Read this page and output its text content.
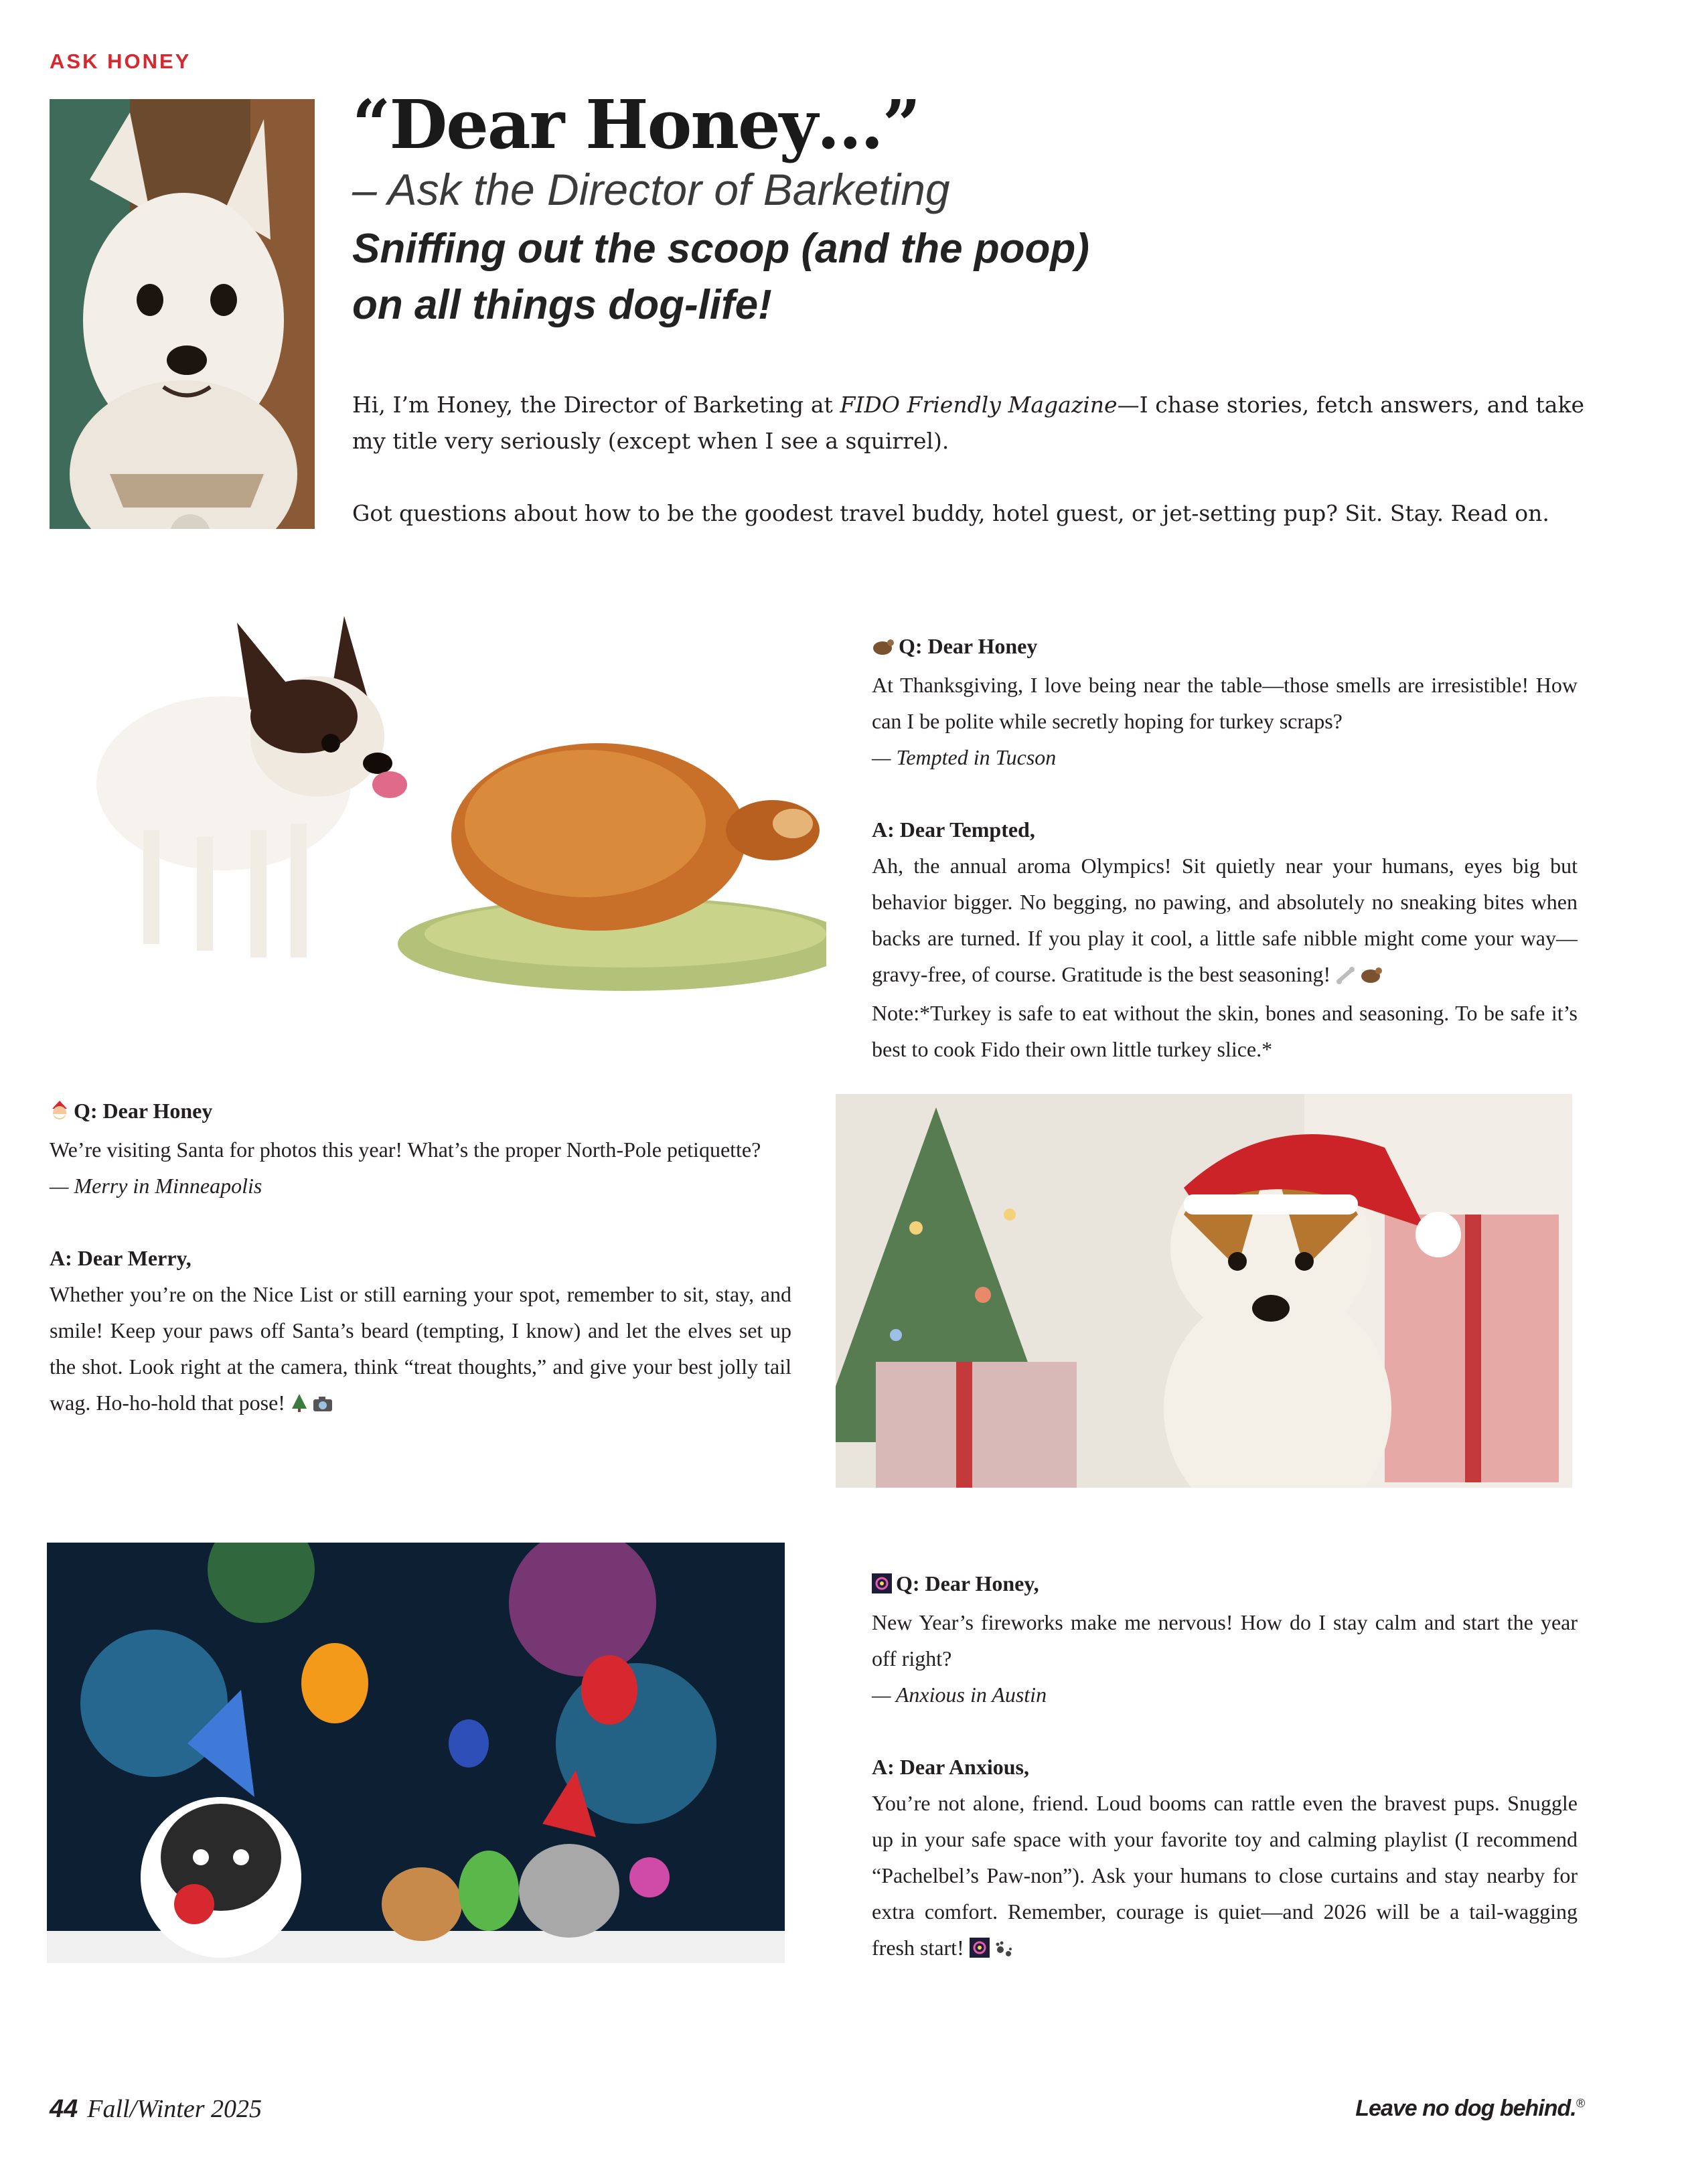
ASK HONEY
“Dear Honey…”
– Ask the Director of Barketing
Sniffing out the scoop (and the poop)
on all things dog-life!
Hi, I’m Honey, the Director of Barketing at FIDO Friendly Magazine—I chase stories, fetch answers, and take my title very seriously (except when I see a squirrel).
Got questions about how to be the goodest travel buddy, hotel guest, or jet-setting pup? Sit. Stay. Read on.

Q: Dear Honey

At Thanksgiving, I love being near the table—those smells are irresistible! How can I be polite while secretly hoping for turkey scraps?

— Tempted in Tucson

A: Dear Tempted,

Ah, the annual aroma Olympics! Sit quietly near your humans, eyes big but behavior bigger. No begging, no pawing, and absolutely no sneaking bites when backs are turned. If you play it cool, a little safe nibble might come your way—gravy-free, of course. Gratitude is the best seasoning!

Note:*Turkey is safe to eat without the skin, bones and seasoning. To be safe it’s best to cook Fido their own little turkey slice.*

Q: Dear Honey

We’re visiting Santa for photos this year! What’s the proper North-Pole petiquette?

— Merry in Minneapolis

A: Dear Merry,

Whether you’re on the Nice List or still earning your spot, remember to sit, stay, and smile! Keep your paws off Santa’s beard (tempting, I know) and let the elves set up the shot. Look right at the camera, think “treat thoughts,” and give your best jolly tail wag. Ho-ho-hold that pose!

Q: Dear Honey,

New Year’s fireworks make me nervous! How do I stay calm and start the year off right?

— Anxious in Austin

A: Dear Anxious,

You’re not alone, friend. Loud booms can rattle even the bravest pups. Snuggle up in your safe space with your favorite toy and calming playlist (I recommend “Pachelbel’s Paw-non”). Ask your humans to close curtains and stay nearby for extra comfort. Remember, courage is quiet—and 2026 will be a tail-wagging fresh start!

44 Fall/Winter 2025	Leave no dog behind.®
